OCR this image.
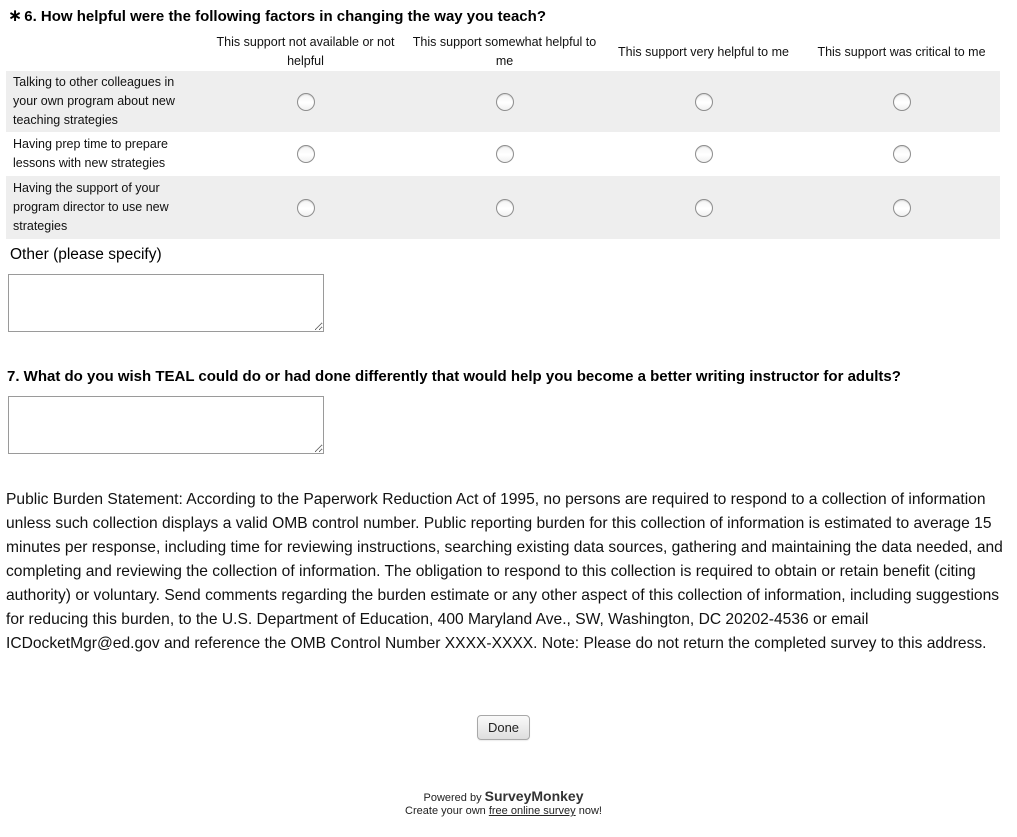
∗ 6. How helpful were the following factors in changing the way you teach?
	This support not available or not helpful	This support somewhat helpful to me	This support very helpful to me	This support was critical to me
Talking to other colleagues in your own program about new teaching strategies				
Having prep time to prepare lessons with new strategies				
Having the support of your program director to use new strategies				
Other (please specify)
7. What do you wish TEAL could do or had done differently that would help you become a better writing instructor for adults?

Public Burden Statement: According to the Paperwork Reduction Act of 1995, no persons are required to respond to a collection of information unless such collection displays a valid OMB control number. Public reporting burden for this collection of information is estimated to average 15 minutes per response, including time for reviewing instructions, searching existing data sources, gathering and maintaining the data needed, and completing and reviewing the collection of information. The obligation to respond to this collection is required to obtain or retain benefit (citing authority) or voluntary. Send comments regarding the burden estimate or any other aspect of this collection of information, including suggestions for reducing this burden, to the U.S. Department of Education, 400 Maryland Ave., SW, Washington, DC 20202-4536 or email ICDocketMgr@ed.gov and reference the OMB Control Number XXXX-XXXX. Note: Please do not return the completed survey to this address.

Done
Powered by SurveyMonkey
Create your own free online survey now!
